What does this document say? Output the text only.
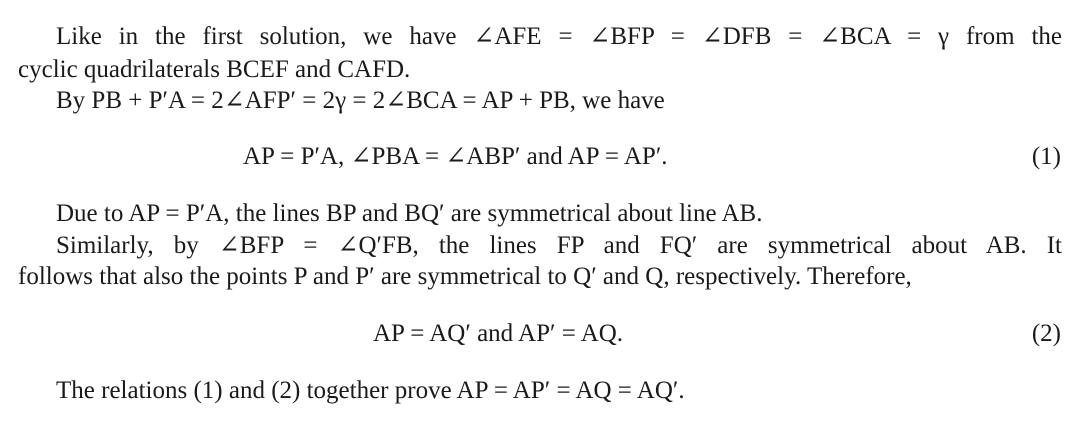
Like in the first solution, we have ∠AFE = ∠BFP = ∠DFB = ∠BCA = γ from the
cyclic quadrilaterals BCEF and CAFD.
By PB + P′A = 2∠AFP′ = 2γ = 2∠BCA = AP + PB, we have
AP = P′A, ∠PBA = ∠ABP′ and AP = AP′.	(1)
Due to AP = P′A, the lines BP and BQ′ are symmetrical about line AB.
Similarly, by ∠BFP = ∠Q′FB, the lines FP and FQ′ are symmetrical about AB. It
follows that also the points P and P′ are symmetrical to Q′ and Q, respectively. Therefore,
AP = AQ′ and AP′ = AQ.	(2)
The relations (1) and (2) together prove AP = AP′ = AQ = AQ′.
